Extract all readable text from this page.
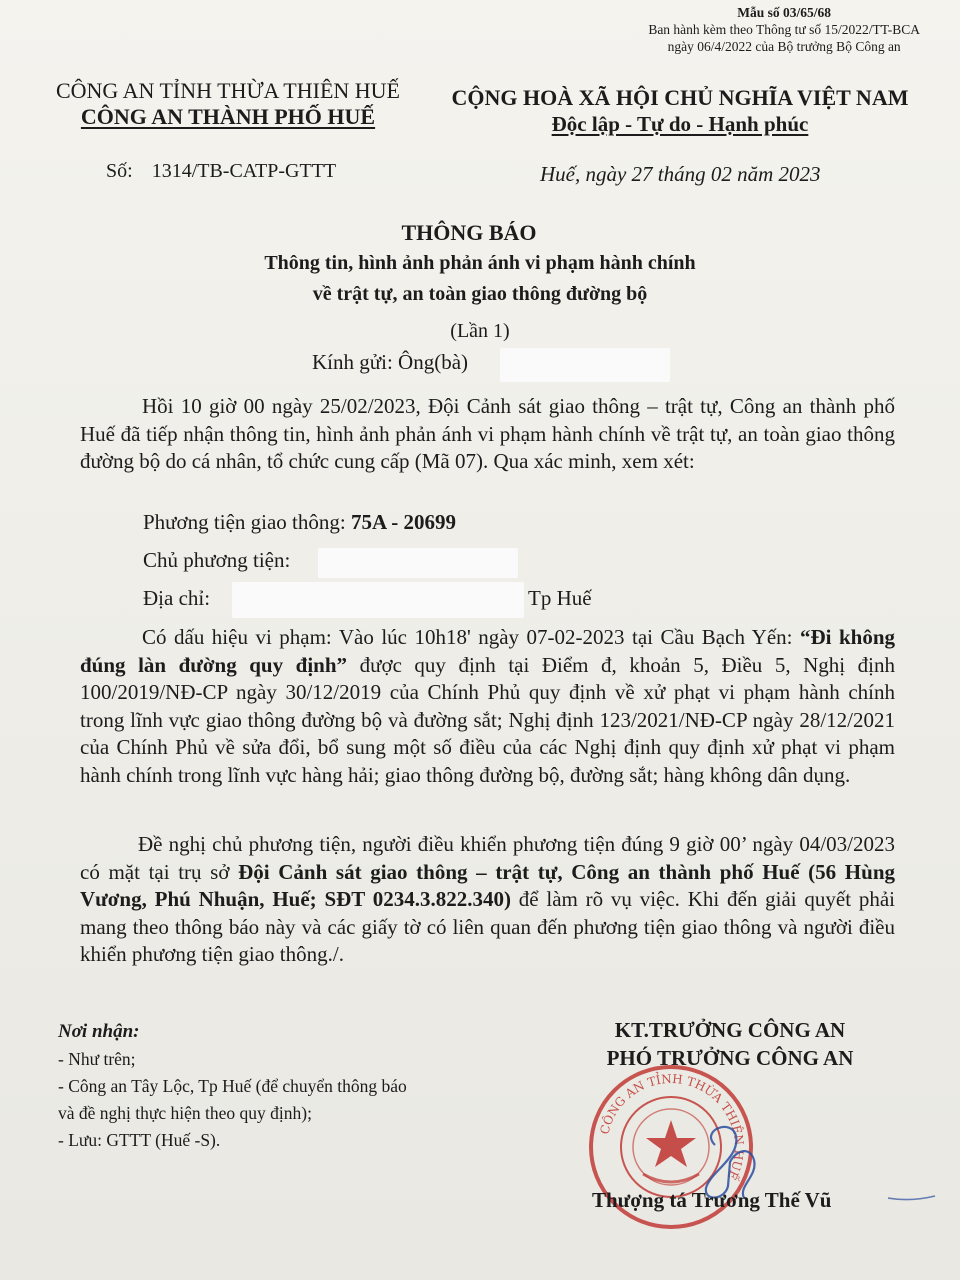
Mẫu số 03/65/68
Ban hành kèm theo Thông tư số 15/2022/TT-BCA
ngày 06/4/2022 của Bộ trưởng Bộ Công an
CÔNG AN TỈNH THỪA THIÊN HUẾ
CÔNG AN THÀNH PHỐ HUẾ
CỘNG HOÀ XÃ HỘI CHỦ NGHĨA VIỆT NAM
Độc lập - Tự do - Hạnh phúc
Số: 1314/TB-CATP-GTTT	Huế, ngày 27 tháng 02 năm 2023
THÔNG BÁO
Thông tin, hình ảnh phản ánh vi phạm hành chính
về trật tự, an toàn giao thông đường bộ
(Lần 1)
Kính gửi: Ông(bà)

Hồi 10 giờ 00 ngày 25/02/2023, Đội Cảnh sát giao thông – trật tự, Công an thành phố Huế đã tiếp nhận thông tin, hình ảnh phản ánh vi phạm hành chính về trật tự, an toàn giao thông đường bộ do cá nhân, tổ chức cung cấp (Mã 07). Qua xác minh, xem xét:

Phương tiện giao thông: 75A - 20699
Chủ phương tiện:
Địa chỉ:	Tp Huế
Có dấu hiệu vi phạm: Vào lúc 10h18' ngày 07-02-2023 tại Cầu Bạch Yến: “Đi không đúng làn đường quy định” được quy định tại Điểm đ, khoản 5, Điều 5, Nghị định 100/2019/NĐ-CP ngày 30/12/2019 của Chính Phủ quy định về xử phạt vi phạm hành chính trong lĩnh vực giao thông đường bộ và đường sắt; Nghị định 123/2021/NĐ-CP ngày 28/12/2021 của Chính Phủ về sửa đổi, bổ sung một số điều của các Nghị định quy định xử phạt vi phạm hành chính trong lĩnh vực hàng hải; giao thông đường bộ, đường sắt; hàng không dân dụng.
Đề nghị chủ phương tiện, người điều khiển phương tiện đúng 9 giờ 00’ ngày 04/03/2023 có mặt tại trụ sở Đội Cảnh sát giao thông – trật tự, Công an thành phố Huế (56 Hùng Vương, Phú Nhuận, Huế; SĐT 0234.3.822.340) để làm rõ vụ việc. Khi đến giải quyết phải mang theo thông báo này và các giấy tờ có liên quan đến phương tiện giao thông và người điều khiển phương tiện giao thông./.
Nơi nhận:
- Như trên;
- Công an Tây Lộc, Tp Huế (để chuyển thông báo
và đề nghị thực hiện theo quy định);
- Lưu: GTTT (Huế -S).
KT.TRƯỞNG CÔNG AN
PHÓ TRƯỞNG CÔNG AN
CÔNG AN TỈNH THỪA THIÊN HUẾ
Thượng tá Trương Thế Vũ
